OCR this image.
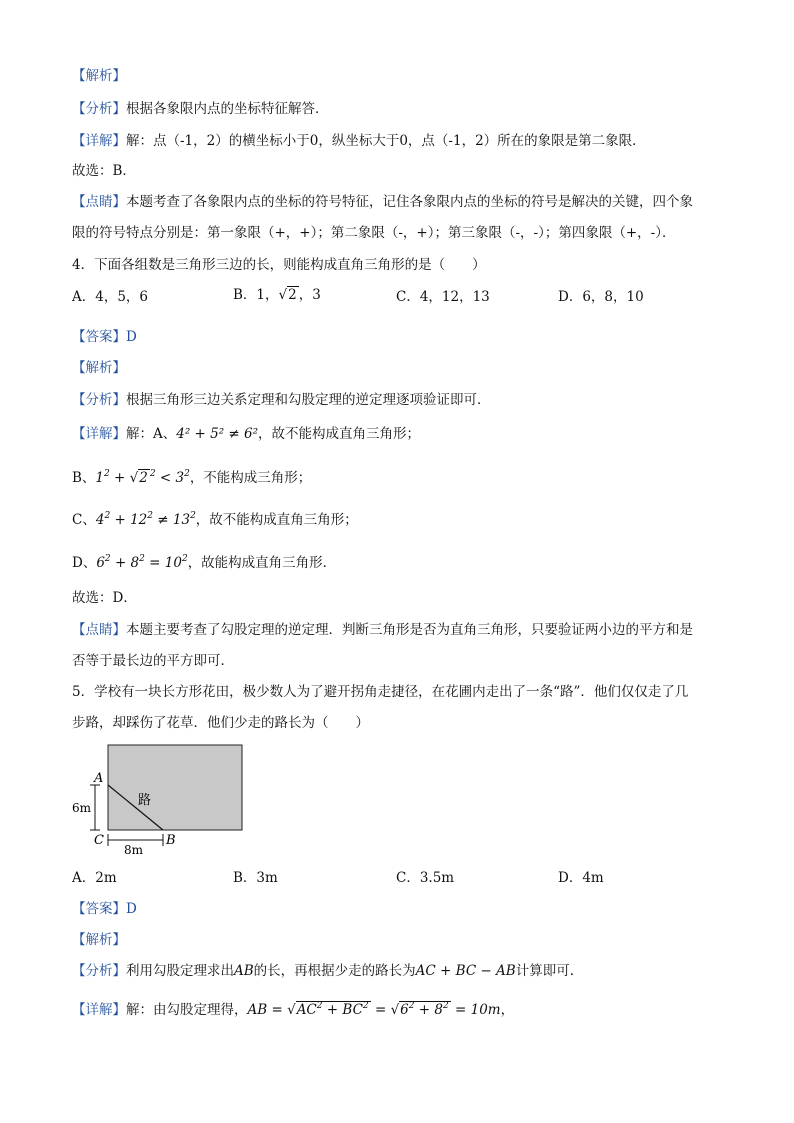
【解析】
【分析】根据各象限内点的坐标特征解答．
【详解】解：点（-1，2）的横坐标小于0，纵坐标大于0，点（-1，2）所在的象限是第二象限．
故选：B．
【点睛】本题考查了各象限内点的坐标的符号特征，记住各象限内点的坐标的符号是解决的关键，四个象
限的符号特点分别是：第一象限（+，+）；第二象限（-，+）；第三象限（-，-）；第四象限（+，-）．
4．下面各组数是三角形三边的长，则能构成直角三角形的是（　　）
A．4，5，6	B．1，√2 ，3	C．4，12，13	D．6，8，10
【答案】D
【解析】
【分析】根据三角形三边关系定理和勾股定理的逆定理逐项验证即可．
【详解】解：A、4² + 5² ≠ 6²，故不能构成直角三角形；
B、$1^2 + √2$ $^2 < 3^2$，不能构成三角形；
C、$4^2 + 12^2 \ne 13^2$，故不能构成直角三角形；
D、$6^2 + 8^2 = 10^2$，故能构成直角三角形．
故选：D．
【点睛】本题主要考查了勾股定理的逆定理．判断三角形是否为直角三角形，只要验证两小边的平方和是
否等于最长边的平方即可．
5．学校有一块长方形花田，极少数人为了避开拐角走捷径，在花圃内走出了一条“路”．他们仅仅走了几
步路，却踩伤了花草．他们少走的路长为（　　）
A
C	B
路
6m
8m
A．2m	B．3m	C．3.5m	D．4m
【答案】D
【解析】
【分析】利用勾股定理求出AB的长，再根据少走的路长为AC + BC − AB计算即可．
【详解】解：由勾股定理得，AB = $√AC^2 + BC^2 = √6^2 + 8^2 = 10m$，
